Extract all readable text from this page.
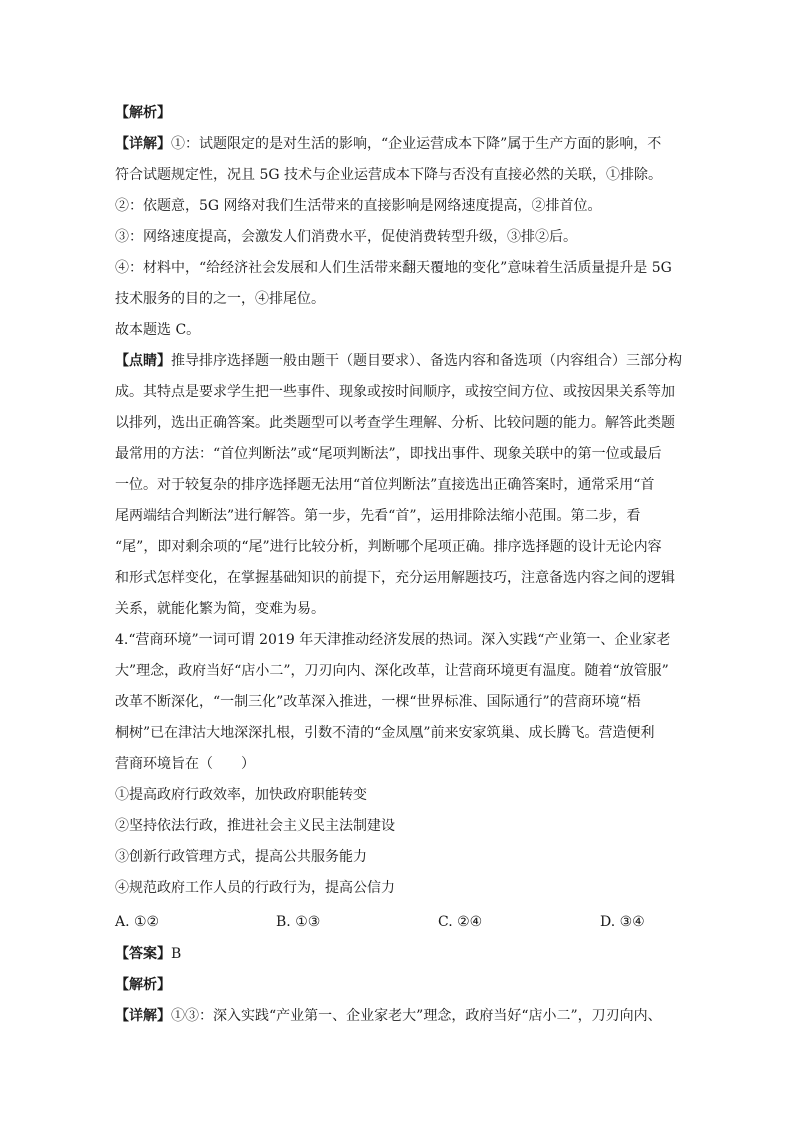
【解析】
【详解】①：试题限定的是对生活的影响，“企业运营成本下降”属于生产方面的影响，不
符合试题规定性，况且 5G 技术与企业运营成本下降与否没有直接必然的关联，①排除。
②：依题意，5G 网络对我们生活带来的直接影响是网络速度提高，②排首位。
③：网络速度提高，会激发人们消费水平，促使消费转型升级，③排②后。
④：材料中，“给经济社会发展和人们生活带来翻天覆地的变化”意味着生活质量提升是 5G
技术服务的目的之一，④排尾位。
故本题选 C。
【点睛】推导排序选择题一般由题干（题目要求）、备选内容和备选项（内容组合）三部分构
成。其特点是要求学生把一些事件、现象或按时间顺序，或按空间方位、或按因果关系等加
以排列，选出正确答案。此类题型可以考查学生理解、分析、比较问题的能力。解答此类题
最常用的方法：“首位判断法”或“尾项判断法”，即找出事件、现象关联中的第一位或最后
一位。对于较复杂的排序选择题无法用“首位判断法”直接选出正确答案时，通常采用“首
尾两端结合判断法”进行解答。第一步，先看“首”，运用排除法缩小范围。第二步，看
“尾”，即对剩余项的“尾”进行比较分析，判断哪个尾项正确。排序选择题的设计无论内容
和形式怎样变化，在掌握基础知识的前提下，充分运用解题技巧，注意备选内容之间的逻辑
关系，就能化繁为简，变难为易。
4.“营商环境”一词可谓 2019 年天津推动经济发展的热词。深入实践“产业第一、企业家老
大”理念，政府当好“店小二”，刀刃向内、深化改革，让营商环境更有温度。随着“放管服”
改革不断深化，“一制三化”改革深入推进，一棵“世界标准、国际通行”的营商环境“梧
桐树”已在津沽大地深深扎根，引数不清的“金凤凰”前来安家筑巢、成长腾飞。营造便利
营商环境旨在（　　）
①提高政府行政效率，加快政府职能转变
②坚持依法行政，推进社会主义民主法制建设
③创新行政管理方式，提高公共服务能力
④规范政府工作人员的行政行为，提高公信力
A. ①②	B. ①③	C. ②④	D. ③④
【答案】B
【解析】
【详解】①③：深入实践“产业第一、企业家老大”理念，政府当好“店小二”，刀刃向内、
